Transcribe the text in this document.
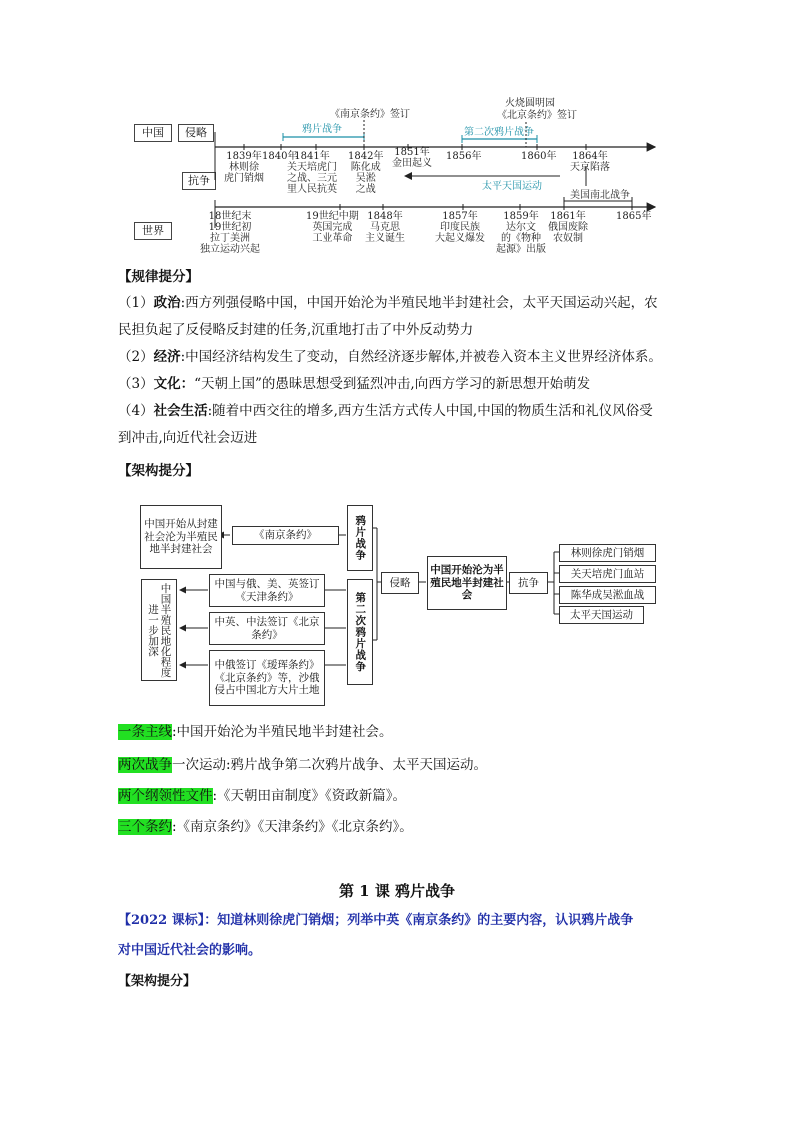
中国	侵略
抗争
世界
《南京条约》签订
火烧圆明园
《北京条约》签订
鸦片战争	第二次鸦片战争
1839年
林则徐
虎门销烟
1840年
1841年
关天培虎门
之战、三元
里人民抗英
1842年
陈化成
吴淞
之战
1851年
金田起义
1856年	1860年 1864年
天京陷落
太平天国运动
美国南北战争
18世纪末
19世纪初
拉丁美洲
独立运动兴起
19世纪中期
英国完成
工业革命
1848年
马克思
主义诞生
1857年
印度民族
大起义爆发
1859年
达尔文
的《物种
起源》出版
1861年
俄国废除
农奴制
1865年
【规律提分】
（1）政治:西方列强侵略中国，中国开始沦为半殖民地半封建社会，太平天国运动兴起，农
民担负起了反侵略反封建的任务,沉重地打击了中外反动势力
（2）经济:中国经济结构发生了变动，自然经济逐步解体,并被卷入资本主义世界经济体系。
（3）文化：“天朝上国”的愚昧思想受到猛烈冲击,向西方学习的新思想开始萌发
（4）社会生活:随着中西交往的增多,西方生活方式传人中国,中国的物质生活和礼仪风俗受
到冲击,向近代社会迈进
【架构提分】
中国开始从封建社会沦为半殖民地半封建社会
《南京条约》	鸦片战争
中国半殖民地化程度进一步加深
中国与俄、美、英签订《天津条约》
中英、中法签订《北京条约》
中俄签订《瑷珲条约》《北京条约》等，沙俄侵占中国北方大片土地
第二次鸦片战争
侵略
中国开始沦为半殖民地半封建社会
抗争
林则徐虎门销烟
关天培虎门血站
陈华成吴淞血战
太平天国运动
一条主线:中国开始沦为半殖民地半封建社会。
两次战争一次运动:鸦片战争第二次鸦片战争、太平天国运动。
两个纲领性文件:《天朝田亩制度》《资政新篇》。
三个条约:《南京条约》《天津条约》《北京条约》。
第 1 课 鸦片战争
【2022 课标】：知道林则徐虎门销烟；列举中英《南京条约》的主要内容，认识鸦片战争
对中国近代社会的影响。
【架构提分】
